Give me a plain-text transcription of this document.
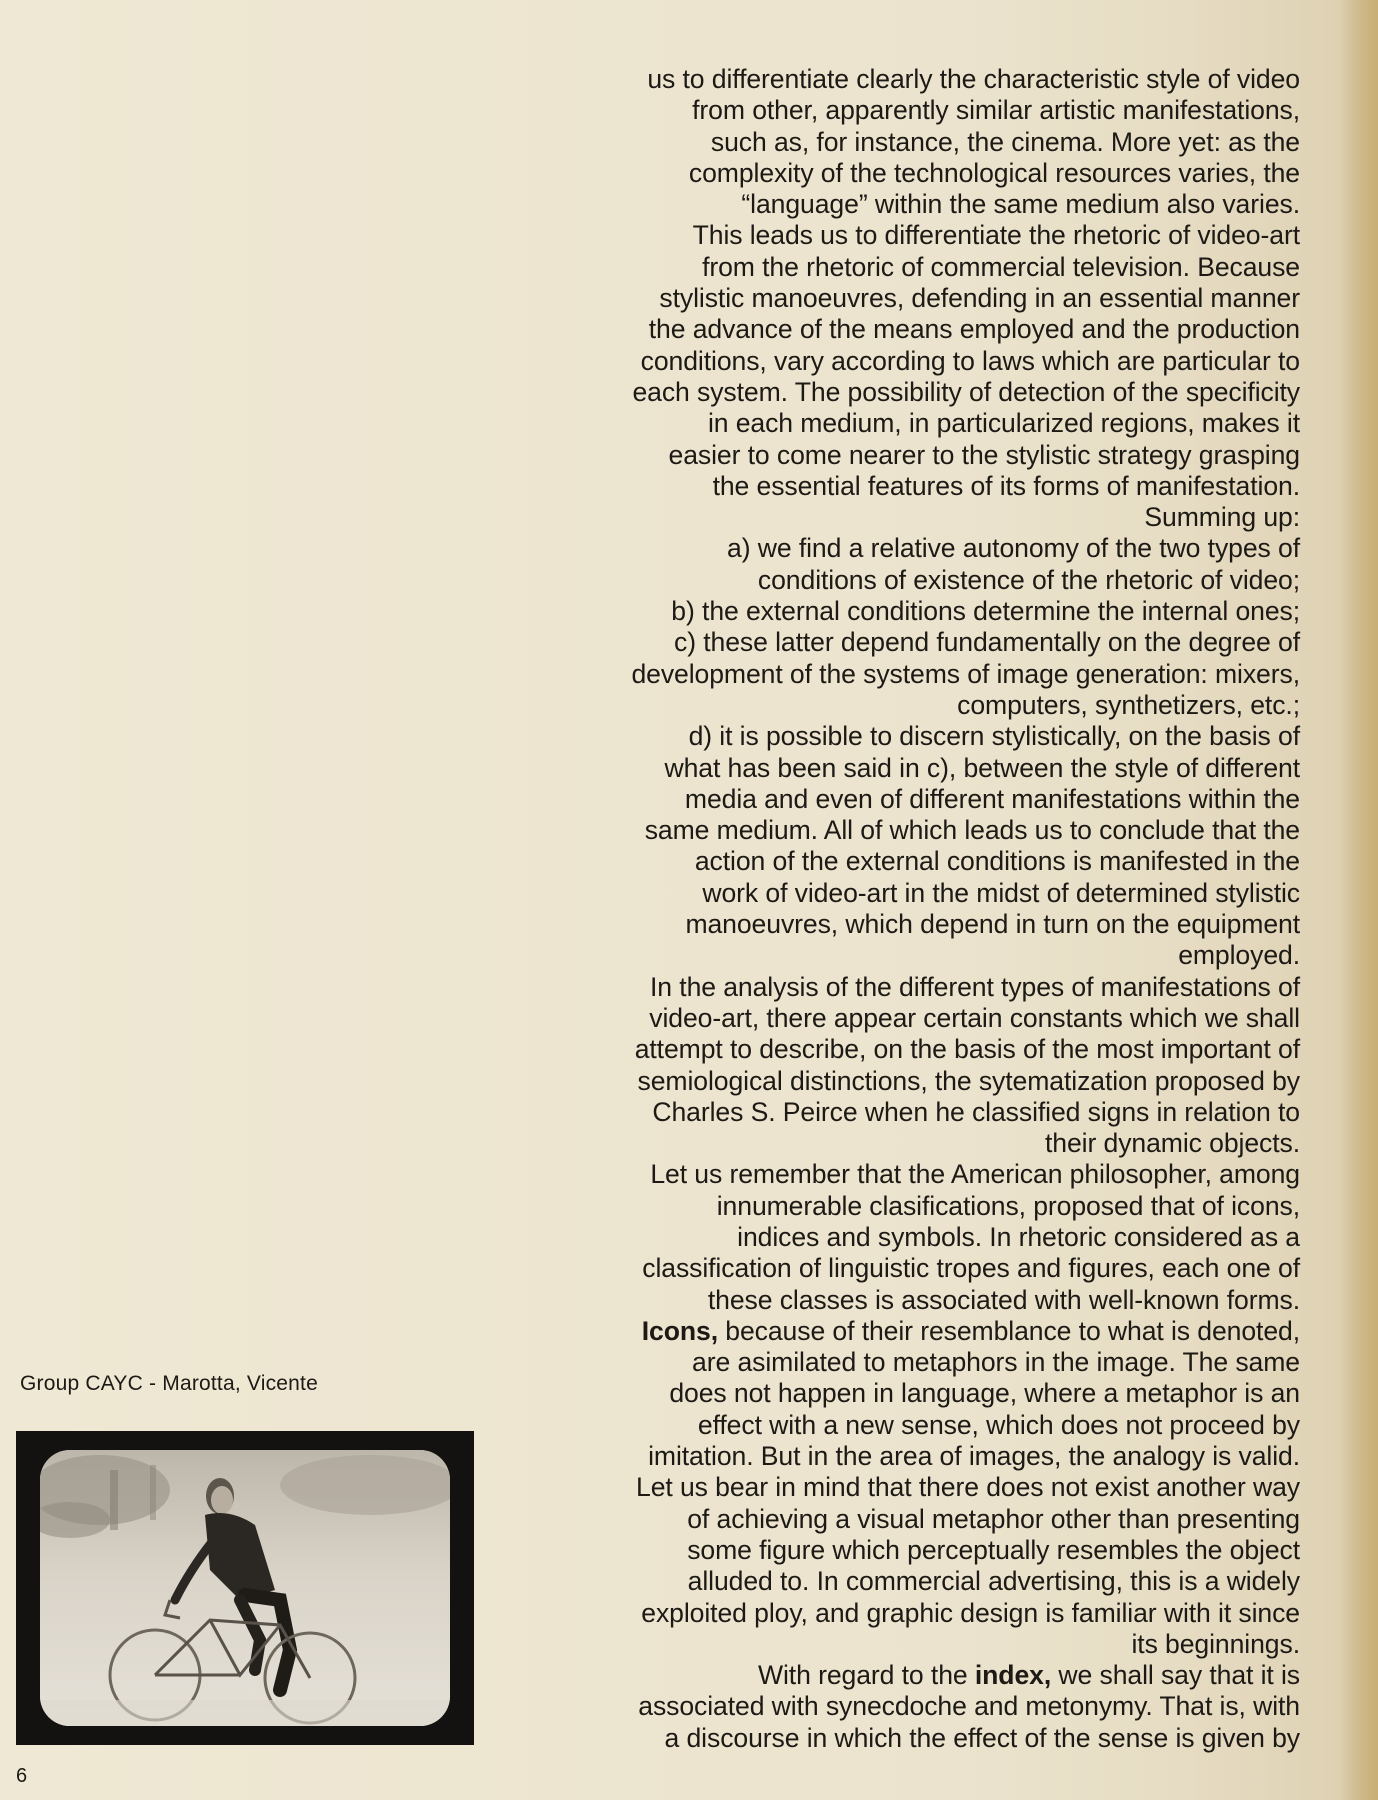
us to differentiate clearly the characteristic style of video
from other, apparently similar artistic manifestations,
such as, for instance, the cinema. More yet: as the
complexity of the technological resources varies, the
“language” within the same medium also varies.
This leads us to differentiate the rhetoric of video-art
from the rhetoric of commercial television. Because
stylistic manoeuvres, defending in an essential manner
the advance of the means employed and the production
conditions, vary according to laws which are particular to
each system. The possibility of detection of the specificity
in each medium, in particularized regions, makes it
easier to come nearer to the stylistic strategy grasping
the essential features of its forms of manifestation.
Summing up:
a) we find a relative autonomy of the two types of
conditions of existence of the rhetoric of video;
b) the external conditions determine the internal ones;
c) these latter depend fundamentally on the degree of
development of the systems of image generation: mixers,
computers, synthetizers, etc.;
d) it is possible to discern stylistically, on the basis of
what has been said in c), between the style of different
media and even of different manifestations within the
same medium. All of which leads us to conclude that the
action of the external conditions is manifested in the
work of video-art in the midst of determined stylistic
manoeuvres, which depend in turn on the equipment
employed.
In the analysis of the different types of manifestations of
video-art, there appear certain constants which we shall
attempt to describe, on the basis of the most important of
semiological distinctions, the sytematization proposed by
Charles S. Peirce when he classified signs in relation to
their dynamic objects.
Let us remember that the American philosopher, among
innumerable clasifications, proposed that of icons,
indices and symbols. In rhetoric considered as a
classification of linguistic tropes and figures, each one of
these classes is associated with well-known forms.
Icons, because of their resemblance to what is denoted,
are asimilated to metaphors in the image. The same
does not happen in language, where a metaphor is an
effect with a new sense, which does not proceed by
imitation. But in the area of images, the analogy is valid.
Let us bear in mind that there does not exist another way
of achieving a visual metaphor other than presenting
some figure which perceptually resembles the object
alluded to. In commercial advertising, this is a widely
exploited ploy, and graphic design is familiar with it since
its beginnings.
With regard to the index, we shall say that it is
associated with synecdoche and metonymy. That is, with
a discourse in which the effect of the sense is given by
Group CAYC - Marotta, Vicente
6
